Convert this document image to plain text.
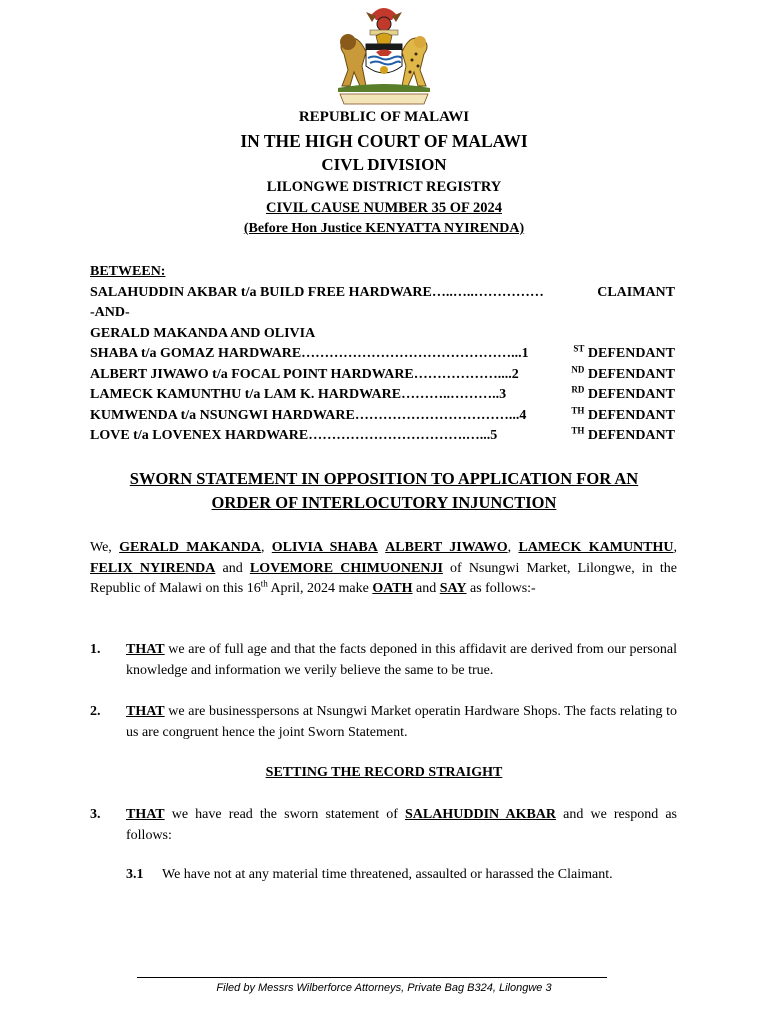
REPUBLIC OF MALAWI
IN THE HIGH COURT OF MALAWI
CIVL DIVISION
LILONGWE DISTRICT REGISTRY
CIVIL CAUSE NUMBER 35 OF 2024
(Before Hon Justice KENYATTA NYIRENDA)
BETWEEN:
SALAHUDDIN AKBAR t/a BUILD FREE HARDWARE…..…..……………	CLAIMANT
-AND-
GERALD MAKANDA AND OLIVIA
SHABA t/a GOMAZ HARDWARE………………………………………...1	$^{ST}$ DEFENDANT
ALBERT JIWAWO t/a FOCAL POINT HARDWARE………………....2	$^{ND}$ DEFENDANT
LAMECK KAMUNTHU t/a LAM K. HARDWARE………..………..3	$^{RD}$ DEFENDANT
KUMWENDA t/a NSUNGWI HARDWARE……………………………...4	$^{TH}$ DEFENDANT
LOVE t/a LOVENEX HARDWARE…………………………….…...5	$^{TH}$ DEFENDANT
SWORN STATEMENT IN OPPOSITION TO APPLICATION FOR AN
ORDER OF INTERLOCUTORY INJUNCTION
We, GERALD MAKANDA, OLIVIA SHABA ALBERT JIWAWO, LAMECK KAMUNTHU, FELIX NYIRENDA and LOVEMORE CHIMUONENJI of Nsungwi Market, Lilongwe, in the Republic of Malawi on this 16th April, 2024 make OATH and SAY as follows:-
1. THAT we are of full age and that the facts deponed in this affidavit are derived from our personal knowledge and information we verily believe the same to be true.
2. THAT we are businesspersons at Nsungwi Market operatin Hardware Shops. The facts relating to us are congruent hence the joint Sworn Statement.
SETTING THE RECORD STRAIGHT
3. THAT we have read the sworn statement of SALAHUDDIN AKBAR and we respond as follows:
3.1 We have not at any material time threatened, assaulted or harassed the Claimant.
Filed by Messrs Wilberforce Attorneys, Private Bag B324, Lilongwe 3
